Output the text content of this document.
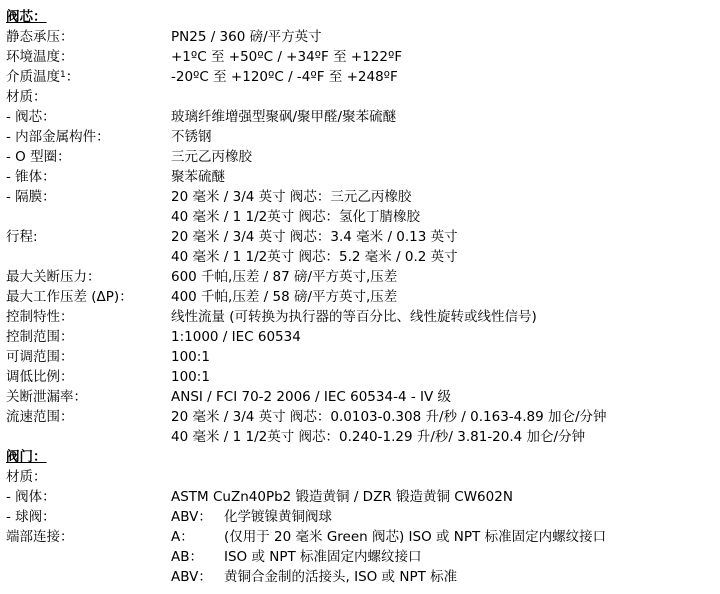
阀芯：
静态承压：	PN25 / 360 磅/平方英寸
环境温度：	+1ºC 至 +50ºC / +34ºF 至 +122ºF
介质温度$^1$：	-20ºC 至 +120ºC / -4ºF 至 +248ºF
材质：
- 阀芯：	玻璃纤维增强型聚砜/聚甲醛/聚苯硫醚
- 内部金属构件：	不锈钢
- O 型圈：	三元乙丙橡胶
- 锥体：	聚苯硫醚
- 隔膜：	20 毫米 / 3/4 英寸 阀芯：三元乙丙橡胶
40 毫米 / 1 1/2英寸 阀芯：氢化丁腈橡胶
行程:	20 毫米 / 3/4 英寸 阀芯：3.4 毫米 / 0.13 英寸
40 毫米 / 1 1/2英寸 阀芯：5.2 毫米 / 0.2 英寸
最大关断压力：	600 千帕,压差 / 87 磅/平方英寸,压差
最大工作压差 (ΔP)：	400 千帕,压差 / 58 磅/平方英寸,压差
控制特性：	线性流量 (可转换为执行器的等百分比、线性旋转或线性信号)
控制范围：	1:1000 / IEC 60534
可调范围：	100:1
调低比例：	100:1
关断泄漏率：	ANSI / FCI 70-2 2006 / IEC 60534-4 - IV 级
流速范围：	20 毫米 / 3/4 英寸 阀芯：0.0103-0.308 升/秒 / 0.163-4.89 加仑/分钟
40 毫米 / 1 1/2英寸 阀芯：0.240-1.29 升/秒/ 3.81-20.4 加仑/分钟
阀门：
材质：
- 阀体：	ASTM CuZn40Pb2 锻造黄铜 / DZR 锻造黄铜 CW602N
- 球阀：	ABV： 化学镀镍黄铜阀球
端部连接：	A： (仅用于 20 毫米 Green 阀芯) ISO 或 NPT 标准固定内螺纹接口
AB： ISO 或 NPT 标准固定内螺纹接口
ABV： 黄铜合金制的活接头, ISO 或 NPT 标准
